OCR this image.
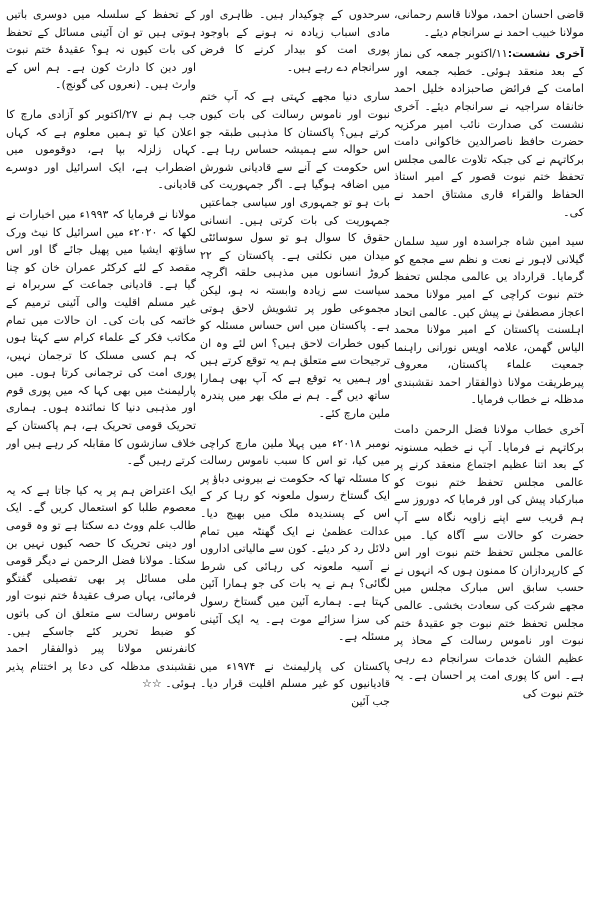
قاضی احسان احمد، مولانا قاسم رحمانی، مولانا خبیب احمد نے سرانجام دیئے۔

آخری نشست:۱۱/اکتوبر جمعہ کی نماز کے بعد منعقد ہوئی۔ خطبہ جمعہ اور امامت کے فرائض صاحبزادہ خلیل احمد خانقاہ سراجیہ نے سرانجام دیئے۔ آخری نشست کی صدارت نائب امیر مرکزیہ حضرت حافظ ناصرالدین خاکوانی دامت برکاتہم نے کی جبکہ تلاوت عالمی مجلس تحفظ ختم نبوت قصور کے امیر استاذ الحفاظ والقراء قاری مشتاق احمد نے کی۔

سید امین شاہ جراسدہ اور سید سلمان گیلانی لاہور نے نعت و نظم سے مجمع کو گرمایا۔ قرارداد یں عالمی مجلس تحفظ ختم نبوت کراچی کے امیر مولانا محمد اعجاز مصطفیٰ نے پیش کیں۔ عالمی اتحاد اہلسنت پاکستان کے امیر مولانا محمد الیاس گھمن، علامہ اویس نورانی راہنما جمعیت علماء پاکستان، معروف پیرطریقت مولانا ذوالفقار احمد نقشبندی مدظلہ نے خطاب فرمایا۔

آخری خطاب مولانا فضل الرحمن دامت برکاتہم نے فرمایا۔ آپ نے خطبہ مسنونہ کے بعد اتنا عظیم اجتماع منعقد کرنے پر عالمی مجلس تحفظ ختم نبوت کو مبارکباد پیش کی اور فرمایا کہ دوروز سے ہم قریب سے اپنے زاویہ نگاہ سے آپ حضرت کو حالات سے آگاہ کیا۔ میں عالمی مجلس تحفظ ختم نبوت اور اس کے کارپردازان کا ممنون ہوں کہ انہوں نے حسب سابق اس مبارک مجلس میں مجھے شرکت کی سعادت بخشی۔ عالمی مجلس تحفظ ختم نبوت جو عقیدۂ ختم نبوت اور ناموس رسالت کے محاذ پر عظیم الشان خدمات سرانجام دے رہی ہے۔ اس کا پوری امت پر احسان ہے۔ یہ ختم نبوت کی

سرحدوں کے چوکیدار ہیں۔ ظاہری اور مادی اسباب زیادہ نہ ہونے کے باوجود پوری امت کو بیدار کرنے کا فرض سرانجام دے رہے ہیں۔

ساری دنیا مجھے کہتی ہے کہ آپ ختم نبوت اور ناموس رسالت کی بات کیوں کرتے ہیں؟ پاکستان کا مذہبی طبقہ جو اس حوالہ سے ہمیشہ حساس رہا ہے۔ اس حکومت کے آنے سے قادیانی شورش میں اضافہ ہوگیا ہے۔ اگر جمہوریت کی بات ہو تو جمہوری اور سیاسی جماعتیں جمہوریت کی بات کرتی ہیں۔ انسانی حقوق کا سوال ہو تو سول سوسائٹی میدان میں نکلتی ہے۔ پاکستان کے ۲۲ کروڑ انسانوں میں مذہبی حلقہ اگرچہ سیاست سے زیادہ وابستہ نہ ہو، لیکن مجموعی طور پر تشویش لاحق ہوتی ہے۔ پاکستان میں اس حساس مسئلہ کو کیوں خطرات لاحق ہیں؟ اس لئے وہ ان ترجیحات سے متعلق ہم یہ توقع کرتے ہیں اور ہمیں یہ توقع ہے کہ آپ بھی ہمارا ساتھ دیں گے۔ ہم نے ملک بھر میں پندرہ ملین مارچ کئے۔

نومبر ۲۰۱۸ء میں پہلا ملین مارچ کراچی میں کیا، تو اس کا سبب ناموس رسالت کا مسئلہ تھا کہ حکومت نے بیرونی دباؤ پر ایک گستاخ رسول ملعونہ کو رہا کر کے اس کے پسندیدہ ملک میں بھیج دیا۔ عدالت عظمیٰ نے ایک گھنٹہ میں تمام دلائل رد کر دیئے۔ کون سے مالیاتی اداروں نے آسیہ ملعونہ کی رہائی کی شرط لگائی؟ ہم نے یہ بات کی جو ہمارا آئین کہتا ہے۔ ہمارے آئین میں گستاخ رسول کی سزا سزائے موت ہے۔ یہ ایک آئینی مسئلہ ہے۔

پاکستان کی پارلیمنٹ نے ۱۹۷۴ء میں قادیانیوں کو غیر مسلم اقلیت قرار دیا۔ جب آئین

کے تحفظ کے سلسلہ میں دوسری باتیں ہوتی ہیں تو ان آئینی مسائل کے تحفظ کی بات کیوں نہ ہو؟ عقیدۂ ختم نبوت اور دین کا دارث کون ہے۔ ہم اس کے وارث ہیں۔ (نعروں کی گونج)۔

جب ہم نے ۲۷/اکتوبر کو آزادی مارچ کا اعلان کیا تو ہمیں معلوم ہے کہ کہاں کہاں زلزلہ بپا ہے، دوقوموں میں اضطراب ہے، ایک اسرائیل اور دوسرے قادیانی۔

مولانا نے فرمایا کہ ۱۹۹۳ء میں اخبارات نے لکھا کہ ۲۰۲۰ء میں اسرائیل کا نیٹ ورک ساؤتھ ایشیا میں پھیل جائے گا اور اس مقصد کے لئے کرکٹر عمران خان کو چنا گیا ہے۔ قادیانی جماعت کے سربراہ نے غیر مسلم اقلیت والی آئینی ترمیم کے خاتمہ کی بات کی۔ ان حالات میں تمام مکاتب فکر کے علماء کرام سے کہتا ہوں کہ ہم کسی مسلک کا ترجمان نہیں، پوری امت کی ترجمانی کرتا ہوں۔ میں پارلیمنٹ میں بھی کہا کہ میں پوری قوم اور مذہبی دنیا کا نمائندہ ہوں۔ ہماری تحریک قومی تحریک ہے، ہم پاکستان کے خلاف سازشوں کا مقابلہ کر رہے ہیں اور کرتے رہیں گے۔

ایک اعتراض ہم پر یہ کیا جاتا ہے کہ یہ معصوم طلبا کو استعمال کریں گے۔ ایک طالب علم ووٹ دے سکتا ہے تو وہ قومی اور دینی تحریک کا حصہ کیوں نہیں بن سکتا۔ مولانا فضل الرحمن نے دیگر قومی ملی مسائل پر بھی تفصیلی گفتگو فرمائی، یہاں صرف عقیدۂ ختم نبوت اور ناموس رسالت سے متعلق ان کی باتوں کو ضبط تحریر کئے جاسکے ہیں۔ کانفرنس مولانا پیر ذوالفقار احمد نقشبندی مدظلہ کی دعا پر اختتام پذیر ہوئی۔ ☆☆
